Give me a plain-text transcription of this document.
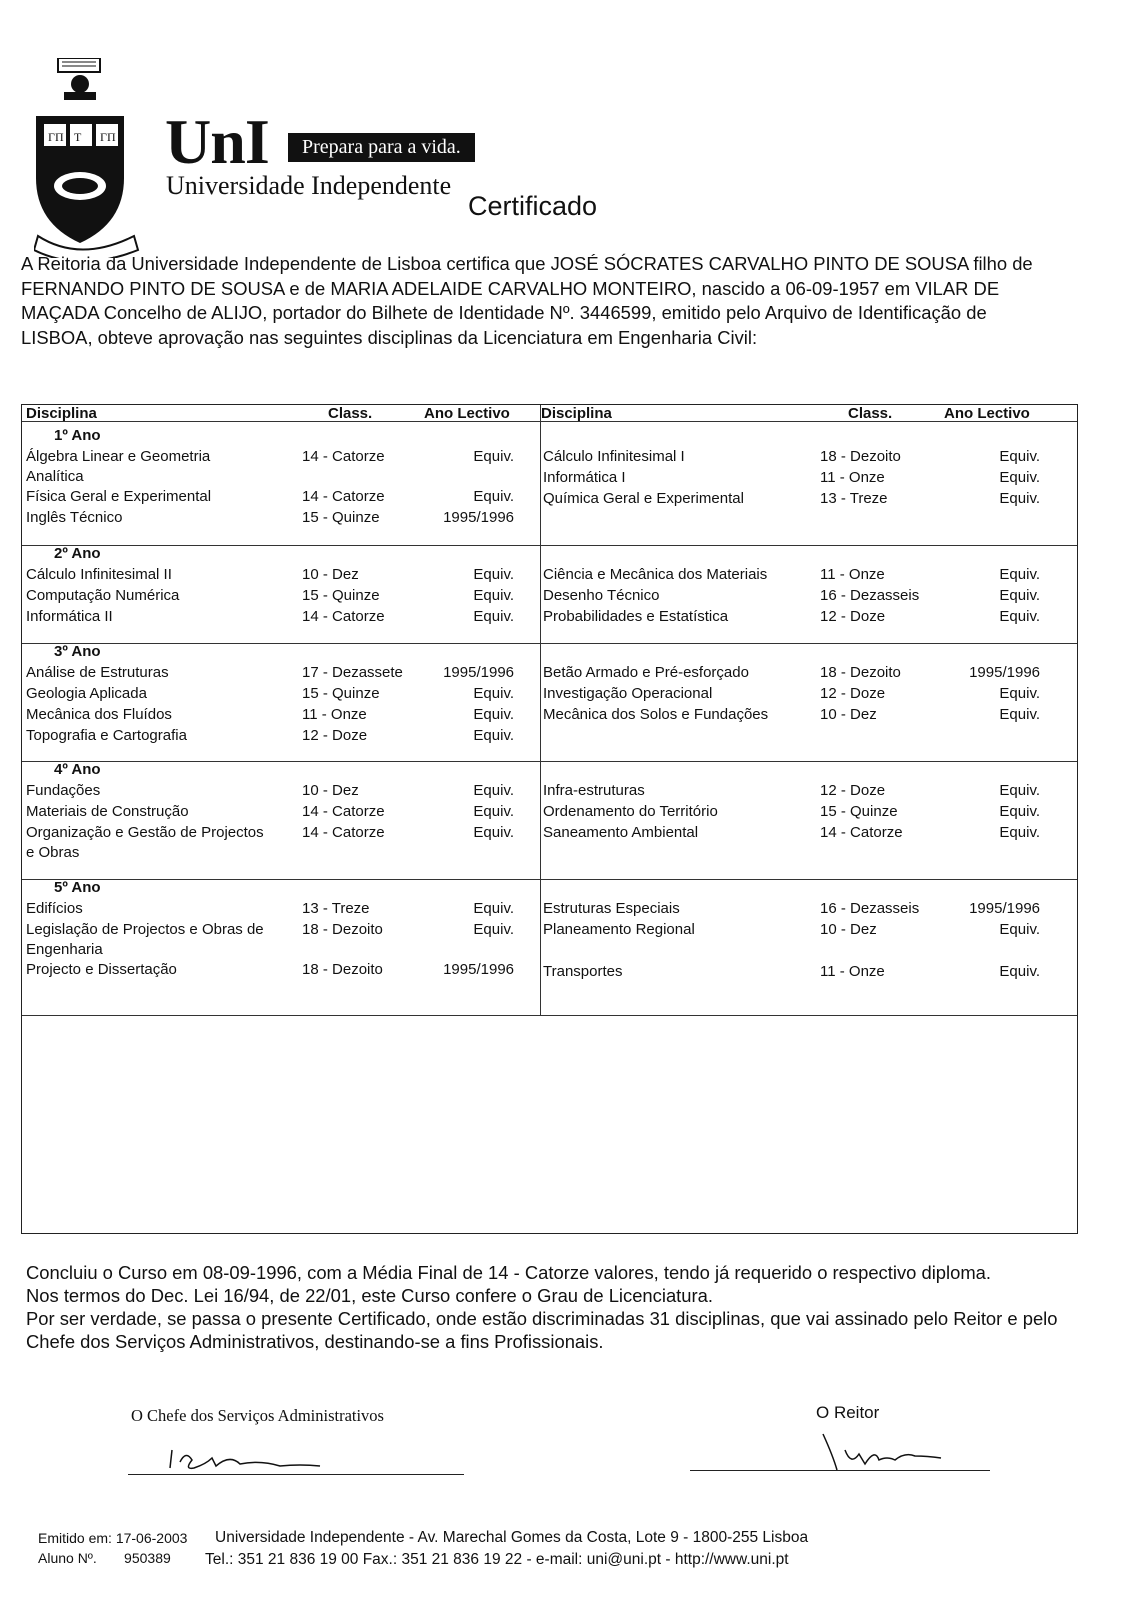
ΓΠ T ΓΠ UnI	Prepara para a vida.
Universidade Independente
Certificado
A Reitoria da Universidade Independente de Lisboa certifica que JOSÉ SÓCRATES CARVALHO PINTO DE SOUSA filho de FERNANDO PINTO DE SOUSA e de MARIA ADELAIDE CARVALHO MONTEIRO, nascido a 06-09-1957 em VILAR DE MAÇADA Concelho de ALIJO, portador do Bilhete de Identidade Nº. 3446599, emitido pelo Arquivo de Identificação de LISBOA, obteve aprovação nas seguintes disciplinas da Licenciatura em Engenharia Civil:
Disciplina	Class.	Ano Lectivo Disciplina	Class.	Ano Lectivo
1º Ano
Álgebra Linear e Geometria Analítica
14 - Catorze	Equiv.
Física Geral e Experimental	14 - Catorze	Equiv.
Inglês Técnico	15 - Quinze	1995/1996
Cálculo Infinitesimal I	18 - Dezoito	Equiv.
Informática I	11 - Onze	Equiv.
Química Geral e Experimental	13 - Treze	Equiv.
2º Ano
Cálculo Infinitesimal II	10 - Dez	Equiv.
Computação Numérica	15 - Quinze	Equiv.
Informática II	14 - Catorze	Equiv.
Ciência e Mecânica dos Materiais	11 - Onze	Equiv.
Desenho Técnico	16 - Dezasseis	Equiv.
Probabilidades e Estatística	12 - Doze	Equiv.
3º Ano
Análise de Estruturas	17 - Dezassete	1995/1996
Geologia Aplicada	15 - Quinze	Equiv.
Mecânica dos Fluídos	11 - Onze	Equiv.
Topografia e Cartografia	12 - Doze	Equiv.
Betão Armado e Pré-esforçado	18 - Dezoito	1995/1996
Investigação Operacional	12 - Doze	Equiv.
Mecânica dos Solos e Fundações	10 - Dez	Equiv.
4º Ano
Fundações	10 - Dez	Equiv.
Materiais de Construção	14 - Catorze	Equiv.
Organização e Gestão de Projectos e Obras
14 - Catorze	Equiv.
Infra-estruturas	12 - Doze	Equiv.
Ordenamento do Território	15 - Quinze	Equiv.
Saneamento Ambiental	14 - Catorze	Equiv.
5º Ano
Edifícios	13 - Treze	Equiv.
Legislação de Projectos e Obras de Engenharia
18 - Dezoito	Equiv.
Projecto e Dissertação	18 - Dezoito	1995/1996
Estruturas Especiais	16 - Dezasseis	1995/1996
Planeamento Regional	10 - Dez	Equiv.
Transportes	11 - Onze	Equiv.
Concluiu o Curso em 08-09-1996, com a Média Final de 14 - Catorze valores, tendo já requerido o respectivo diploma.
Nos termos do Dec. Lei 16/94, de 22/01, este Curso confere o Grau de Licenciatura.
Por ser verdade, se passa o presente Certificado, onde estão discriminadas 31 disciplinas, que vai assinado pelo Reitor e pelo Chefe dos Serviços Administrativos, destinando-se a fins Profissionais.
O Chefe dos Serviços Administrativos	O Reitor
Emitido em: 17-06-2003
Aluno Nº. 950389
Universidade Independente - Av. Marechal Gomes da Costa, Lote 9 - 1800-255 Lisboa
Tel.: 351 21 836 19 00 Fax.: 351 21 836 19 22 - e-mail: uni@uni.pt - http://www.uni.pt
